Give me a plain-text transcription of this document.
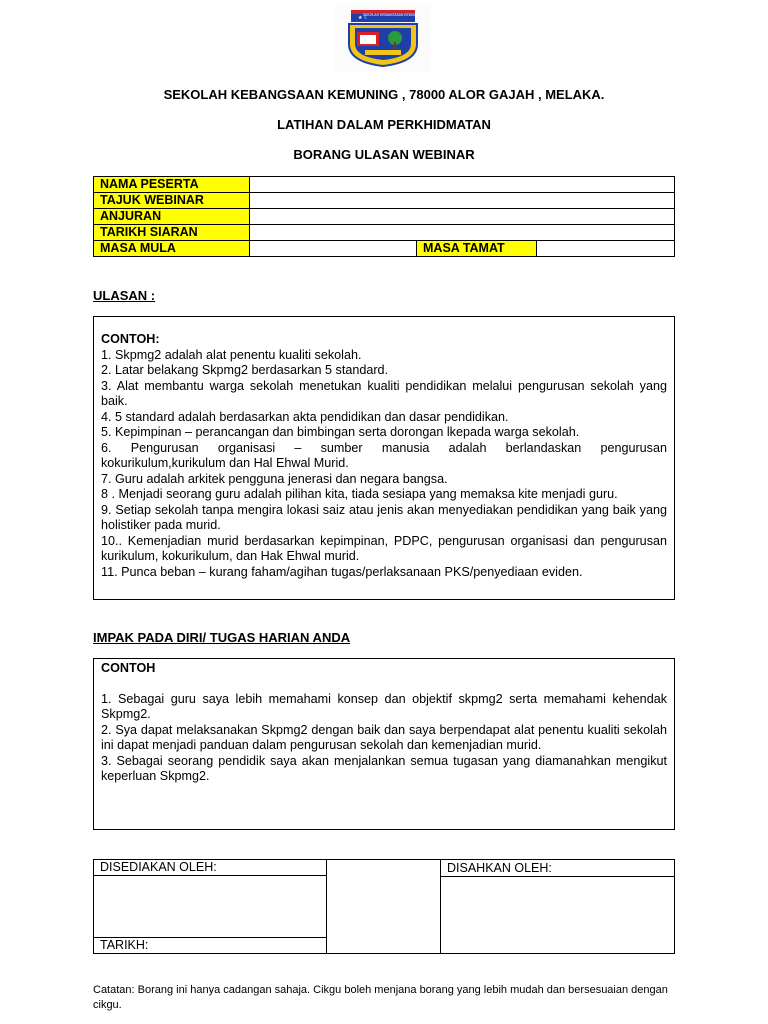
★ ☾
SEKOLAH KEBANGSAAN KEMUNING
SEKOLAH KEBANGSAAN KEMUNING , 78000 ALOR GAJAH , MELAKA.
LATIHAN DALAM PERKHIDMATAN
BORANG ULASAN WEBINAR
NAMA PESERTA			
TAJUK WEBINAR			
ANJURAN			
TARIKH SIARAN			
MASA MULA		MASA TAMAT	
ULASAN :
CONTOH:
1. Skpmg2 adalah alat penentu kualiti sekolah.
2. Latar belakang Skpmg2 berdasarkan 5 standard.
3. Alat membantu warga sekolah menetukan kualiti pendidikan melalui pengurusan sekolah yang baik.
4. 5 standard adalah berdasarkan akta pendidikan dan dasar pendidikan.
5. Kepimpinan – perancangan dan bimbingan serta dorongan lkepada warga sekolah.
6. Pengurusan organisasi – sumber manusia adalah berlandaskan pengurusan kokurikulum,kurikulum dan Hal Ehwal Murid.
7. Guru adalah arkitek pengguna jenerasi dan negara bangsa.
8 . Menjadi seorang guru adalah pilihan kita, tiada sesiapa yang memaksa kite menjadi guru.
9. Setiap sekolah tanpa mengira lokasi saiz atau jenis akan menyediakan pendidikan yang baik yang holistiker pada murid.
10.. Kemenjadian murid berdasarkan kepimpinan, PDPC, pengurusan organisasi dan pengurusan kurikulum, kokurikulum, dan Hak Ehwal murid.
11. Punca beban – kurang faham/agihan tugas/perlaksanaan PKS/penyediaan eviden.
IMPAK PADA DIRI/ TUGAS HARIAN ANDA
CONTOH
1. Sebagai guru saya lebih memahami konsep dan objektif skpmg2 serta memahami kehendak Skpmg2.
2. Sya dapat melaksanakan Skpmg2 dengan baik dan saya berpendapat alat penentu kualiti sekolah ini dapat menjadi panduan dalam pengurusan sekolah dan kemenjadian murid.
3. Sebagai seorang pendidik saya akan menjalankan semua tugasan yang diamanahkan mengikut keperluan Skpmg2.
DISEDIAKAN OLEH:		DISAHKAN OLEH:

TARIKH:
Catatan: Borang ini hanya cadangan sahaja. Cikgu boleh menjana borang yang lebih mudah dan bersesuaian dengan cikgu.
